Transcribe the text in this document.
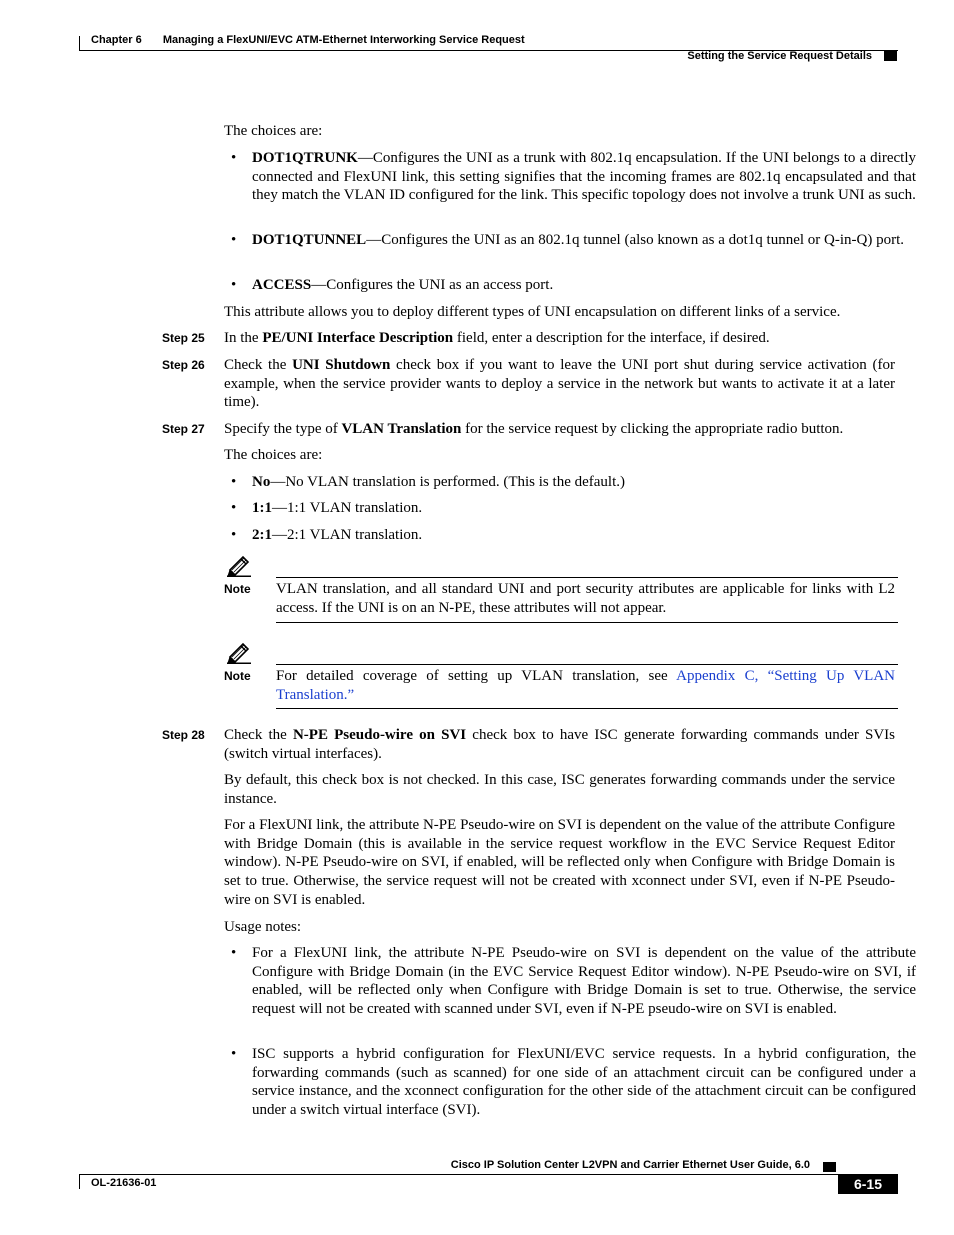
Chapter 6 Managing a FlexUNI/EVC ATM-Ethernet Interworking Service Request
Setting the Service Request Details

The choices are:

• DOT1QTRUNK—Configures the UNI as a trunk with 802.1q encapsulation. If the UNI belongs to a directly connected and FlexUNI link, this setting signifies that the incoming frames are 802.1q encapsulated and that they match the VLAN ID configured for the link. This specific topology does not involve a trunk UNI as such.

• DOT1QTUNNEL—Configures the UNI as an 802.1q tunnel (also known as a dot1q tunnel or Q-in-Q) port.

• ACCESS—Configures the UNI as an access port.

This attribute allows you to deploy different types of UNI encapsulation on different links of a service.

Step 25 In the PE/UNI Interface Description field, enter a description for the interface, if desired.

Step 26 Check the UNI Shutdown check box if you want to leave the UNI port shut during service activation (for example, when the service provider wants to deploy a service in the network but wants to activate it at a later time).

Step 27 Specify the type of VLAN Translation for the service request by clicking the appropriate radio button.

The choices are:

• No—No VLAN translation is performed. (This is the default.)

• 1:1—1:1 VLAN translation.

• 2:1—2:1 VLAN translation.

Note VLAN translation, and all standard UNI and port security attributes are applicable for links with L2 access. If the UNI is on an N-PE, these attributes will not appear.

Note For detailed coverage of setting up VLAN translation, see Appendix C, “Setting Up VLAN Translation.”

Step 28 Check the N-PE Pseudo-wire on SVI check box to have ISC generate forwarding commands under SVIs (switch virtual interfaces).

By default, this check box is not checked. In this case, ISC generates forwarding commands under the service instance.

For a FlexUNI link, the attribute N-PE Pseudo-wire on SVI is dependent on the value of the attribute Configure with Bridge Domain (this is available in the service request workflow in the EVC Service Request Editor window). N-PE Pseudo-wire on SVI, if enabled, will be reflected only when Configure with Bridge Domain is set to true. Otherwise, the service request will not be created with xconnect under SVI, even if N-PE Pseudo-wire on SVI is enabled.

Usage notes:

• For a FlexUNI link, the attribute N-PE Pseudo-wire on SVI is dependent on the value of the attribute Configure with Bridge Domain (in the EVC Service Request Editor window). N-PE Pseudo-wire on SVI, if enabled, will be reflected only when Configure with Bridge Domain is set to true. Otherwise, the service request will not be created with scanned under SVI, even if N-PE pseudo-wire on SVI is enabled.

• ISC supports a hybrid configuration for FlexUNI/EVC service requests. In a hybrid configuration, the forwarding commands (such as scanned) for one side of an attachment circuit can be configured under a service instance, and the xconnect configuration for the other side of the attachment circuit can be configured under a switch virtual interface (SVI).

Cisco IP Solution Center L2VPN and Carrier Ethernet User Guide, 6.0
OL-21636-01	6-15
